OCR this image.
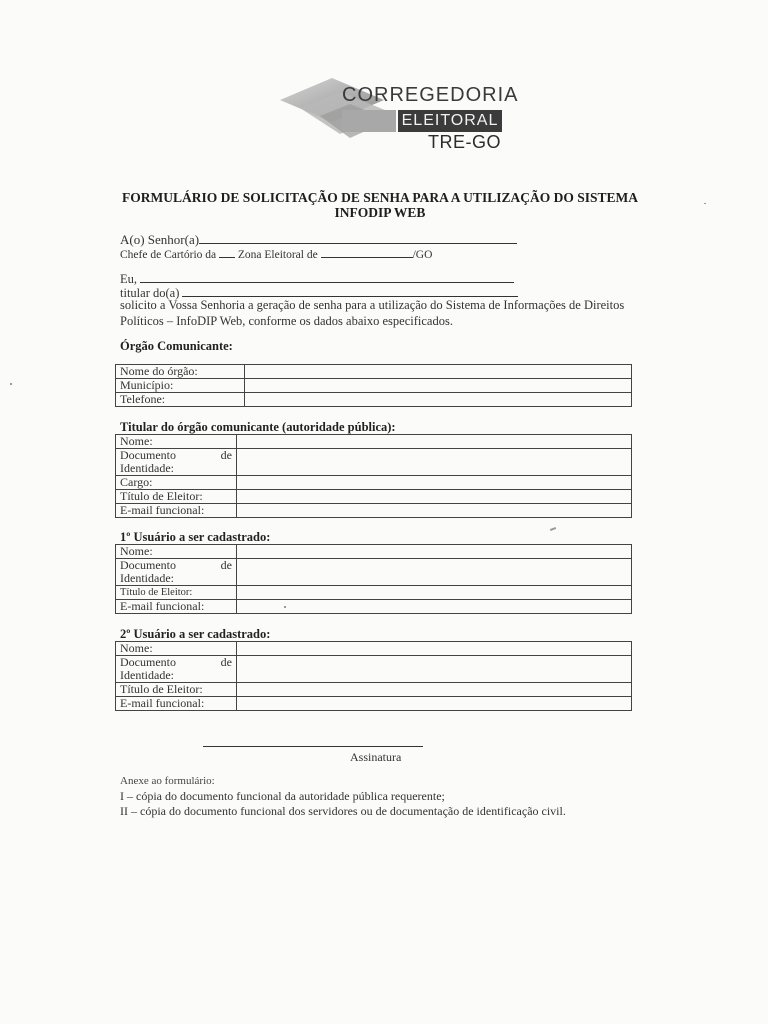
CORREGEDORIA
ELEITORAL
TRE-GO
FORMULÁRIO DE SOLICITAÇÃO DE SENHA PARA A UTILIZAÇÃO DO SISTEMA
INFODIP WEB
A(o) Senhor(a)
Chefe de Cartório da Zona Eleitoral de	/GO
Eu,
titular do(a)
solicito a Vossa Senhoria a geração de senha para a utilização do Sistema de Informações de Direitos
Políticos – InfoDIP Web, conforme os dados abaixo especificados.
Órgão Comunicante:
Nome do órgão:	
Município:	
Telefone:	
Titular do órgão comunicante (autoridade pública):
Nome:	

Documento de
Identidade:	

Cargo:	
Título de Eleitor:	
E-mail funcional:	
1º Usuário a ser cadastrado:
Nome:	

Documento de
Identidade:	

Título de Eleitor:	
E-mail funcional:	
2º Usuário a ser cadastrado:
Nome:	

Documento de
Identidade:	

Título de Eleitor:	
E-mail funcional:	
Assinatura
Anexe ao formulário:
I – cópia do documento funcional da autoridade pública requerente;
II – cópia do documento funcional dos servidores ou de documentação de identificação civil.
